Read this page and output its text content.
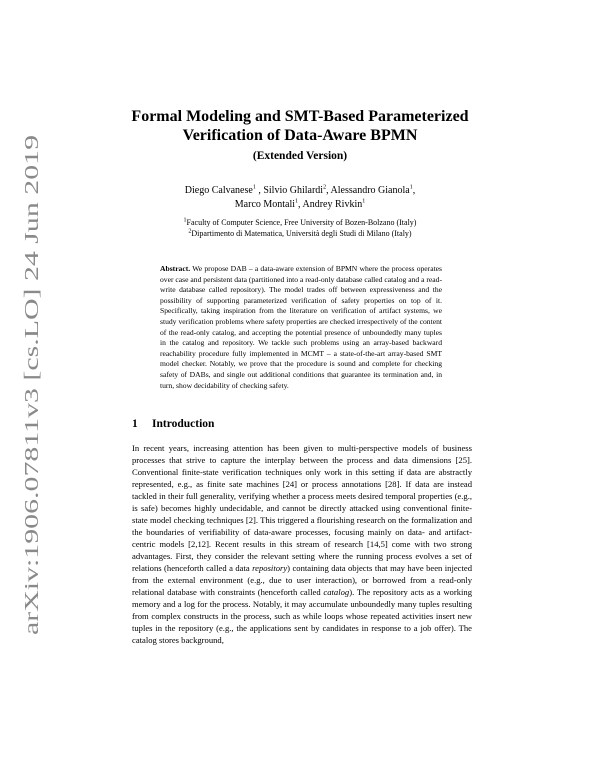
arXiv:1906.07811v3 [cs.LO] 24 Jun 2019
Formal Modeling and SMT-Based Parameterized
Verification of Data-Aware BPMN
(Extended Version)
Diego Calvanese$^1$ , Silvio Ghilardi$^2$, Alessandro Gianola$^1$,
Marco Montali$^1$, Andrey Rivkin$^1$
$^1$Faculty of Computer Science, Free University of Bozen-Bolzano (Italy)
$^2$Dipartimento di Matematica, Università degli Studi di Milano (Italy)
Abstract. We propose DAB – a data-aware extension of BPMN where the process operates over case and persistent data (partitioned into a read-only database called catalog and a read-write database called repository). The model trades off between expressiveness and the possibility of supporting parameterized verification of safety properties on top of it. Specifically, taking inspiration from the literature on verification of artifact systems, we study verification problems where safety properties are checked irrespectively of the content of the read-only catalog, and accepting the potential presence of unboundedly many tuples in the catalog and repository. We tackle such problems using an array-based backward reachability procedure fully implemented in MCMT – a state-of-the-art array-based SMT model checker. Notably, we prove that the procedure is sound and complete for checking safety of DABs, and single out additional conditions that guarantee its termination and, in turn, show decidability of checking safety.
1 Introduction
In recent years, increasing attention has been given to multi-perspective models of business processes that strive to capture the interplay between the process and data dimensions [25]. Conventional finite-state verification techniques only work in this setting if data are abstractly represented, e.g., as finite sate machines [24] or process annotations [28]. If data are instead tackled in their full generality, verifying whether a process meets desired temporal properties (e.g., is safe) becomes highly undecidable, and cannot be directly attacked using conventional finite-state model checking techniques [2]. This triggered a flourishing research on the formalization and the boundaries of verifiability of data-aware processes, focusing mainly on data- and artifact-centric models [2,12]. Recent results in this stream of research [14,5] come with two strong advantages. First, they consider the relevant setting where the running process evolves a set of relations (henceforth called a data repository) containing data objects that may have been injected from the external environment (e.g., due to user interaction), or borrowed from a read-only relational database with constraints (henceforth called catalog). The repository acts as a working memory and a log for the process. Notably, it may accumulate unboundedly many tuples resulting from complex constructs in the process, such as while loops whose repeated activities insert new tuples in the repository (e.g., the applications sent by candidates in response to a job offer). The catalog stores background,
